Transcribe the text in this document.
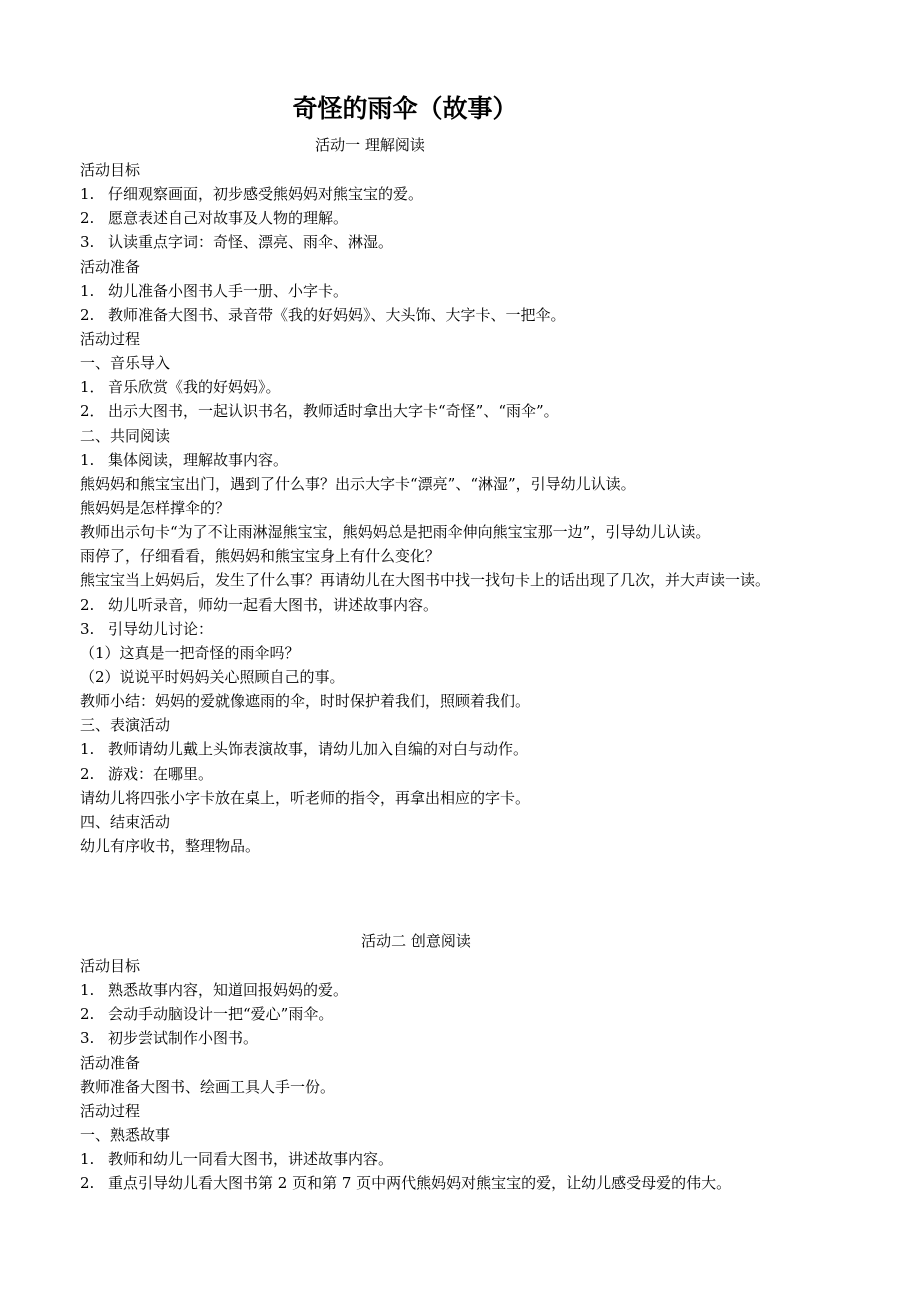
奇怪的雨伞（故事）
活动一 理解阅读
活动目标
1. 仔细观察画面，初步感受熊妈妈对熊宝宝的爱。
2. 愿意表述自己对故事及人物的理解。
3. 认读重点字词：奇怪、漂亮、雨伞、淋湿。
活动准备
1. 幼儿准备小图书人手一册、小字卡。
2. 教师准备大图书、录音带《我的好妈妈》、大头饰、大字卡、一把伞。
活动过程
一、音乐导入
1． 音乐欣赏《我的好妈妈》。
2． 出示大图书，一起认识书名，教师适时拿出大字卡“奇怪”、“雨伞”。
二、共同阅读
1. 集体阅读，理解故事内容。
熊妈妈和熊宝宝出门，遇到了什么事？出示大字卡“漂亮”、“淋湿”，引导幼儿认读。
熊妈妈是怎样撑伞的？
教师出示句卡“为了不让雨淋湿熊宝宝，熊妈妈总是把雨伞伸向熊宝宝那一边”，引导幼儿认读。
雨停了，仔细看看，熊妈妈和熊宝宝身上有什么变化？
熊宝宝当上妈妈后，发生了什么事？再请幼儿在大图书中找一找句卡上的话出现了几次，并大声读一读。
2. 幼儿听录音，师幼一起看大图书，讲述故事内容。
3. 引导幼儿讨论：
（1）这真是一把奇怪的雨伞吗？
（2）说说平时妈妈关心照顾自己的事。
教师小结：妈妈的爱就像遮雨的伞，时时保护着我们，照顾着我们。
三、表演活动
1. 教师请幼儿戴上头饰表演故事，请幼儿加入自编的对白与动作。
2. 游戏：在哪里。
请幼儿将四张小字卡放在桌上，听老师的指令，再拿出相应的字卡。
四、结束活动
幼儿有序收书，整理物品。
活动二 创意阅读
活动目标
1. 熟悉故事内容，知道回报妈妈的爱。
2. 会动手动脑设计一把“爱心”雨伞。
3. 初步尝试制作小图书。
活动准备
教师准备大图书、绘画工具人手一份。
活动过程
一、熟悉故事
1. 教师和幼儿一同看大图书，讲述故事内容。
2. 重点引导幼儿看大图书第 2 页和第 7 页中两代熊妈妈对熊宝宝的爱，让幼儿感受母爱的伟大。
